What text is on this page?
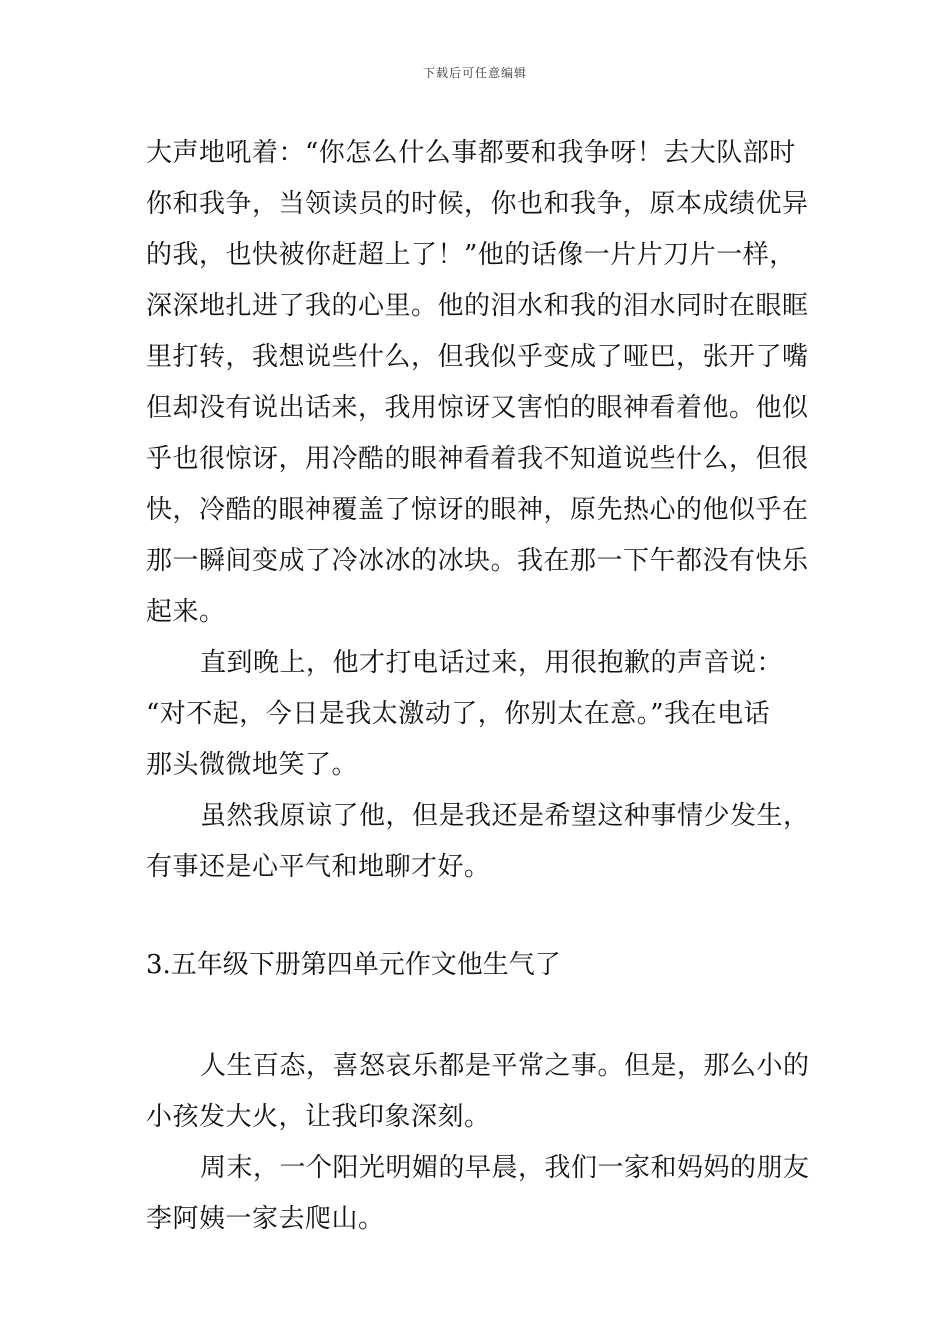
下载后可任意编辑
大声地吼着：“你怎么什么事都要和我争呀！去大队部时
你和我争，当领读员的时候，你也和我争，原本成绩优异
的我，也快被你赶超上了！”他的话像一片片刀片一样，
深深地扎进了我的心里。他的泪水和我的泪水同时在眼眶
里打转，我想说些什么，但我似乎变成了哑巴，张开了嘴
但却没有说出话来，我用惊讶又害怕的眼神看着他。他似
乎也很惊讶，用冷酷的眼神看着我不知道说些什么，但很
快，冷酷的眼神覆盖了惊讶的眼神，原先热心的他似乎在
那一瞬间变成了冷冰冰的冰块。我在那一下午都没有快乐
起来。
直到晚上，他才打电话过来，用很抱歉的声音说：
“对不起，今日是我太激动了，你别太在意。”我在电话
那头微微地笑了。
虽然我原谅了他，但是我还是希望这种事情少发生，
有事还是心平气和地聊才好。
3.五年级下册第四单元作文他生气了
人生百态，喜怒哀乐都是平常之事。但是，那么小的
小孩发大火，让我印象深刻。
周末，一个阳光明媚的早晨，我们一家和妈妈的朋友
李阿姨一家去爬山。
